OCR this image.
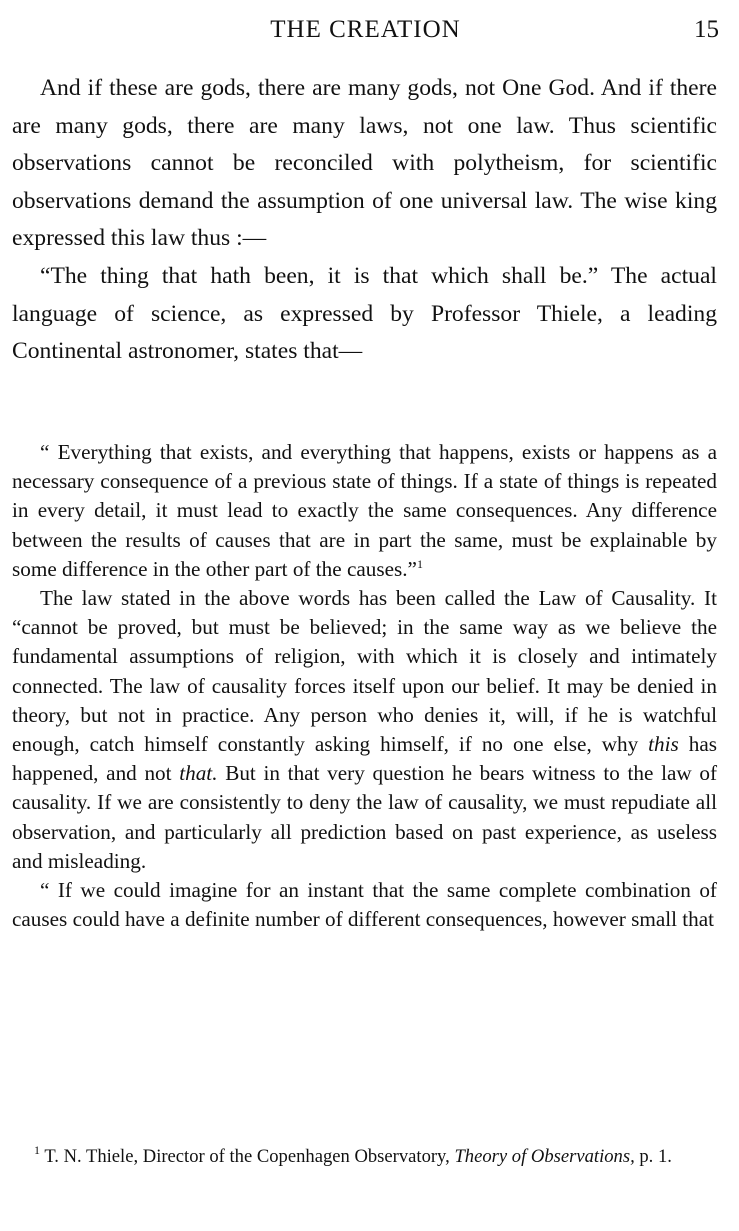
THE CREATION	15

And if these are gods, there are many gods, not One God. And if there are many gods, there are many laws, not one law. Thus scientific observations cannot be reconciled with polytheism, for scientific observations demand the assumption of one universal law. The wise king expressed this law thus :—

“The thing that hath been, it is that which shall be.” The actual language of science, as expressed by Professor Thiele, a leading Continental astronomer, states that—

“ Everything that exists, and everything that happens, exists or happens as a necessary consequence of a previous state of things. If a state of things is repeated in every detail, it must lead to exactly the same consequences. Any difference between the results of causes that are in part the same, must be explainable by some difference in the other part of the causes.”$^1$

The law stated in the above words has been called the Law of Causality. It “cannot be proved, but must be believed; in the same way as we believe the fundamental assumptions of religion, with which it is closely and intimately connected. The law of causality forces itself upon our belief. It may be denied in theory, but not in practice. Any person who denies it, will, if he is watchful enough, catch himself constantly asking himself, if no one else, why this has happened, and not that. But in that very question he bears witness to the law of causality. If we are consistently to deny the law of causality, we must repudiate all observation, and particularly all prediction based on past experience, as useless and misleading.

“ If we could imagine for an instant that the same complete combination of causes could have a definite number of different consequences, however small that

$^1$ T. N. Thiele, Director of the Copenhagen Observatory, Theory of Observations, p. 1.
